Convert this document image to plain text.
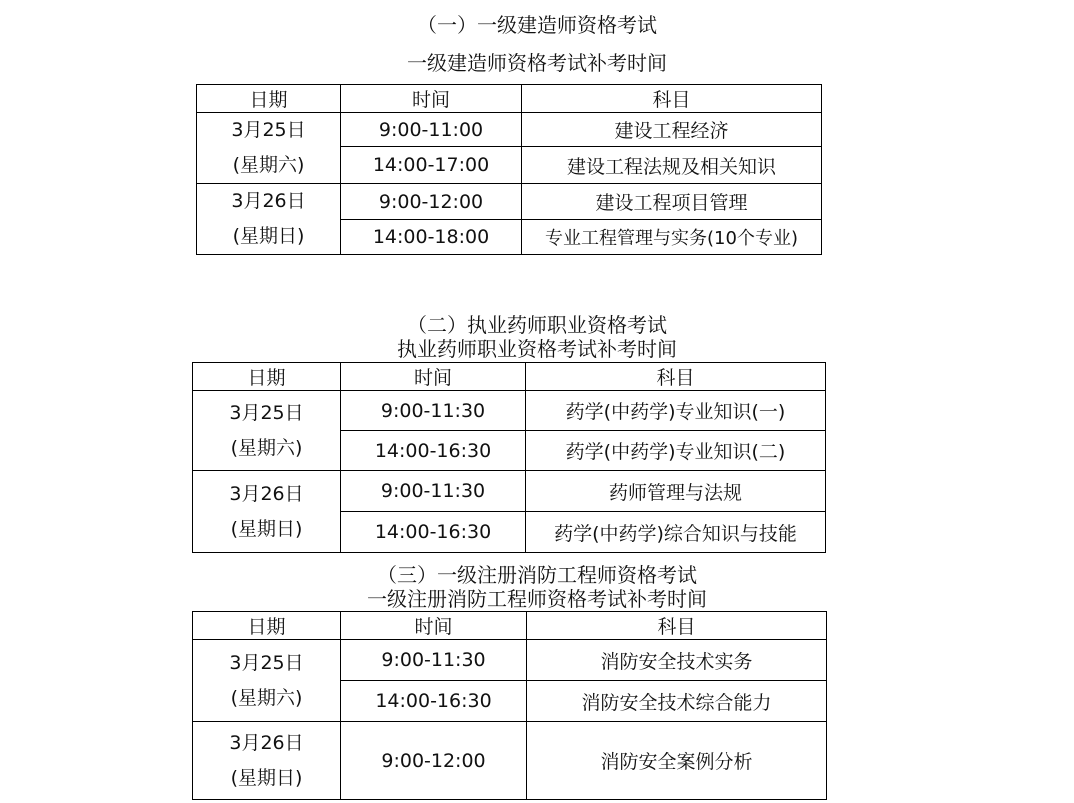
（一）一级建造师资格考试
一级建造师资格考试补考时间
日期	时间	科目

3月25日
(星期六)	9:00-11:00	建设工程经济
	14:00-17:00	建设工程法规及相关知识

3月26日
(星期日)	9:00-12:00	建设工程项目管理
	14:00-18:00	专业工程管理与实务(10个专业)
（二）执业药师职业资格考试
执业药师职业资格考试补考时间
日期	时间	科目

3月25日
(星期六)	9:00-11:30	药学(中药学)专业知识(一)
	14:00-16:30	药学(中药学)专业知识(二)

3月26日
(星期日)	9:00-11:30	药师管理与法规
	14:00-16:30	药学(中药学)综合知识与技能
（三）一级注册消防工程师资格考试
一级注册消防工程师资格考试补考时间
日期	时间	科目

3月25日
(星期六)	9:00-11:30	消防安全技术实务
	14:00-16:30	消防安全技术综合能力

3月26日
(星期日)	9:00-12:00	消防安全案例分析
